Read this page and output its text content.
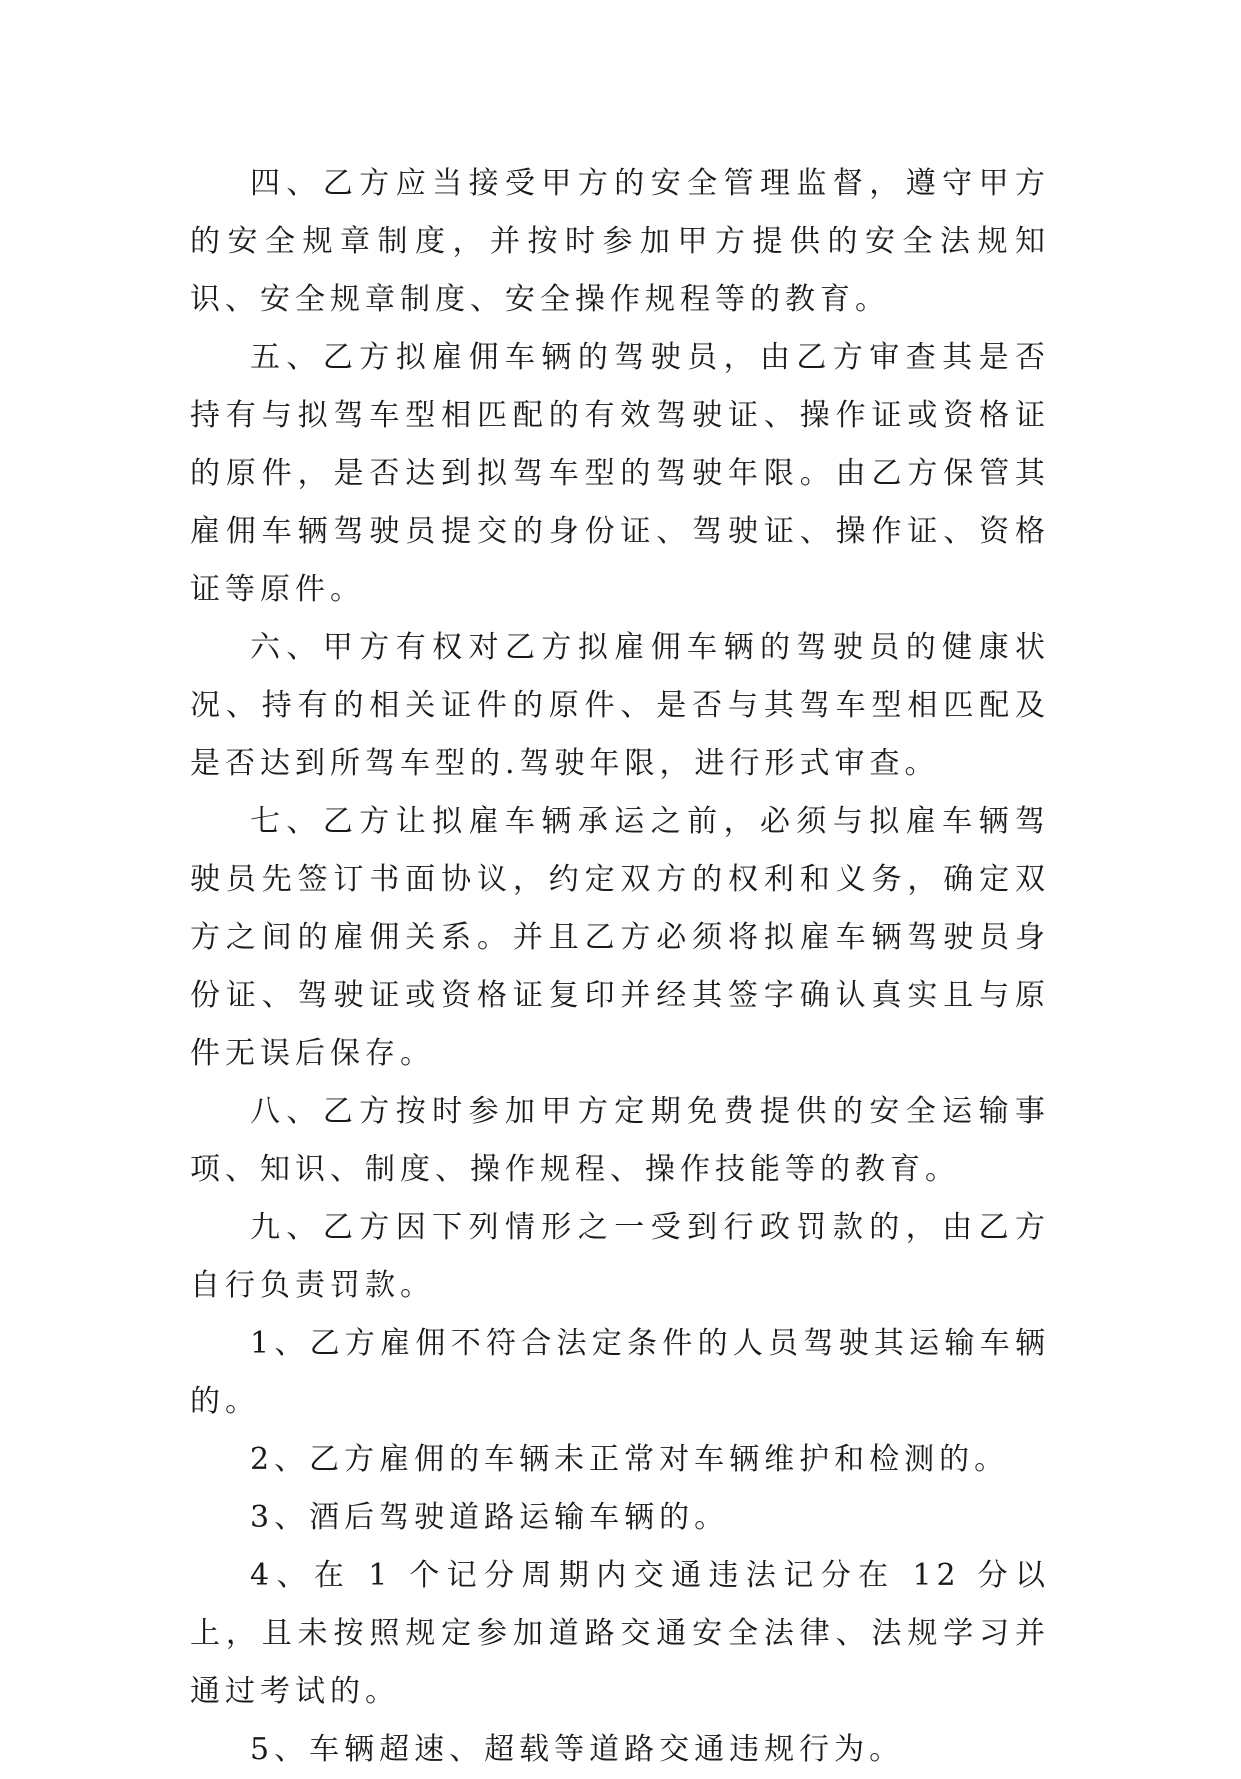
四、乙方应当接受甲方的安全管理监督，遵守甲方的安全规章制度，并按时参加甲方提供的安全法规知识、安全规章制度、安全操作规程等的教育。

五、乙方拟雇佣车辆的驾驶员，由乙方审查其是否持有与拟驾车型相匹配的有效驾驶证、操作证或资格证的原件，是否达到拟驾车型的驾驶年限。由乙方保管其雇佣车辆驾驶员提交的身份证、驾驶证、操作证、资格证等原件。

六、甲方有权对乙方拟雇佣车辆的驾驶员的健康状况、持有的相关证件的原件、是否与其驾车型相匹配及是否达到所驾车型的.驾驶年限，进行形式审查。

七、乙方让拟雇车辆承运之前，必须与拟雇车辆驾驶员先签订书面协议，约定双方的权利和义务，确定双方之间的雇佣关系。并且乙方必须将拟雇车辆驾驶员身份证、驾驶证或资格证复印并经其签字确认真实且与原件无误后保存。

八、乙方按时参加甲方定期免费提供的安全运输事项、知识、制度、操作规程、操作技能等的教育。

九、乙方因下列情形之一受到行政罚款的，由乙方自行负责罚款。

1、乙方雇佣不符合法定条件的人员驾驶其运输车辆的。

2、乙方雇佣的车辆未正常对车辆维护和检测的。

3、酒后驾驶道路运输车辆的。

4、在 1 个记分周期内交通违法记分在 12 分以上，且未按照规定参加道路交通安全法律、法规学习并通过考试的。

5、车辆超速、超载等道路交通违规行为。
